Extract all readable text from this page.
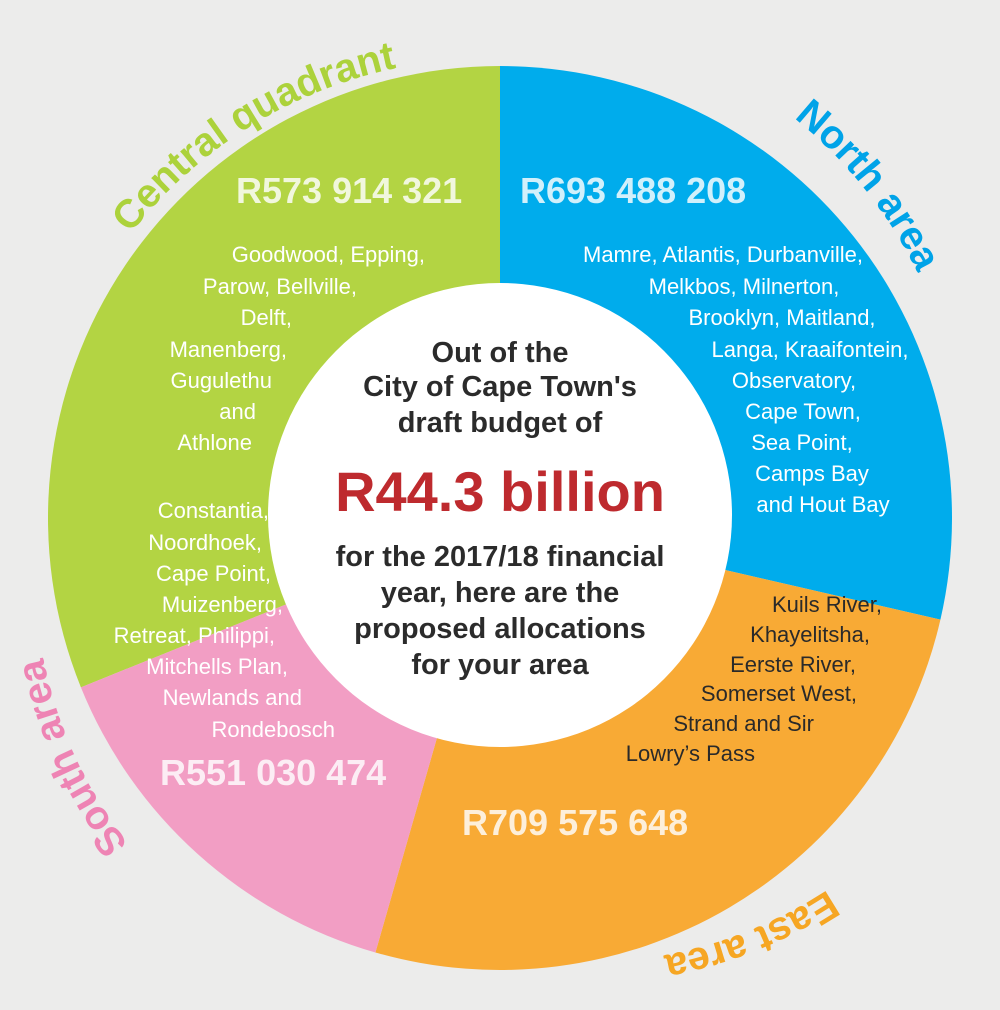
R573 914 321 R693 488 208
R709 575 648
R551 030 474
Goodwood, Epping,
Parow, Bellville,
Delft,
Manenberg,
Gugulethu
and
Athlone
Mamre, Atlantis, Durbanville,
Melkbos, Milnerton,
Brooklyn, Maitland,
Langa, Kraaifontein,
Observatory,
Cape Town,
Sea Point,
Camps Bay
and Hout Bay
Kuils River,
Khayelitsha,
Eerste River,
Somerset West,
Strand and Sir
Lowry’s Pass
Constantia,
Noordhoek,
Cape Point,
Muizenberg,
Retreat, Philippi,
Mitchells Plan,
Newlands and
Rondebosch
Out of the
City of Cape Town's
draft budget of
R44.3 billion
for the 2017/18 financial
year, here are the
proposed allocations
for your area
Central quadrant
North area
East area
South area
